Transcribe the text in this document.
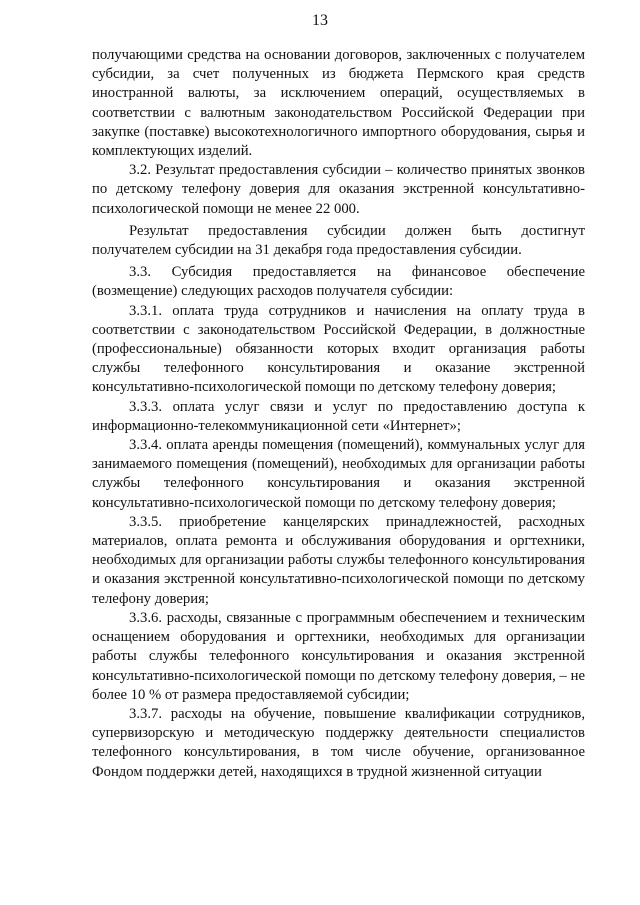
13

получающими средства на основании договоров, заключенных с получателем субсидии, за счет полученных из бюджета Пермского края средств иностранной валюты, за исключением операций, осуществляемых в соответствии с валютным законодательством Российской Федерации при закупке (поставке) высокотехнологичного импортного оборудования, сырья и комплектующих изделий.

3.2. Результат предоставления субсидии – количество принятых звонков по детскому телефону доверия для оказания экстренной консультативно-психологической помощи не менее 22 000.

Результат предоставления субсидии должен быть достигнут получателем субсидии на 31 декабря года предоставления субсидии.

3.3. Субсидия предоставляется на финансовое обеспечение (возмещение) следующих расходов получателя субсидии:

3.3.1. оплата труда сотрудников и начисления на оплату труда в соответствии с законодательством Российской Федерации, в должностные (профессиональные) обязанности которых входит организация работы службы телефонного консультирования и оказание экстренной консультативно-психологической помощи по детскому телефону доверия;

3.3.3. оплата услуг связи и услуг по предоставлению доступа к информационно-телекоммуникационной сети «Интернет»;

3.3.4. оплата аренды помещения (помещений), коммунальных услуг для занимаемого помещения (помещений), необходимых для организации работы службы телефонного консультирования и оказания экстренной консультативно-психологической помощи по детскому телефону доверия;

3.3.5. приобретение канцелярских принадлежностей, расходных материалов, оплата ремонта и обслуживания оборудования и оргтехники, необходимых для организации работы службы телефонного консультирования и оказания экстренной консультативно-психологической помощи по детскому телефону доверия;

3.3.6. расходы, связанные с программным обеспечением и техническим оснащением оборудования и оргтехники, необходимых для организации работы службы телефонного консультирования и оказания экстренной консультативно-психологической помощи по детскому телефону доверия, – не более 10 % от размера предоставляемой субсидии;

3.3.7. расходы на обучение, повышение квалификации сотрудников, супервизорскую и методическую поддержку деятельности специалистов телефонного консультирования, в том числе обучение, организованное Фондом поддержки детей, находящихся в трудной жизненной ситуации
